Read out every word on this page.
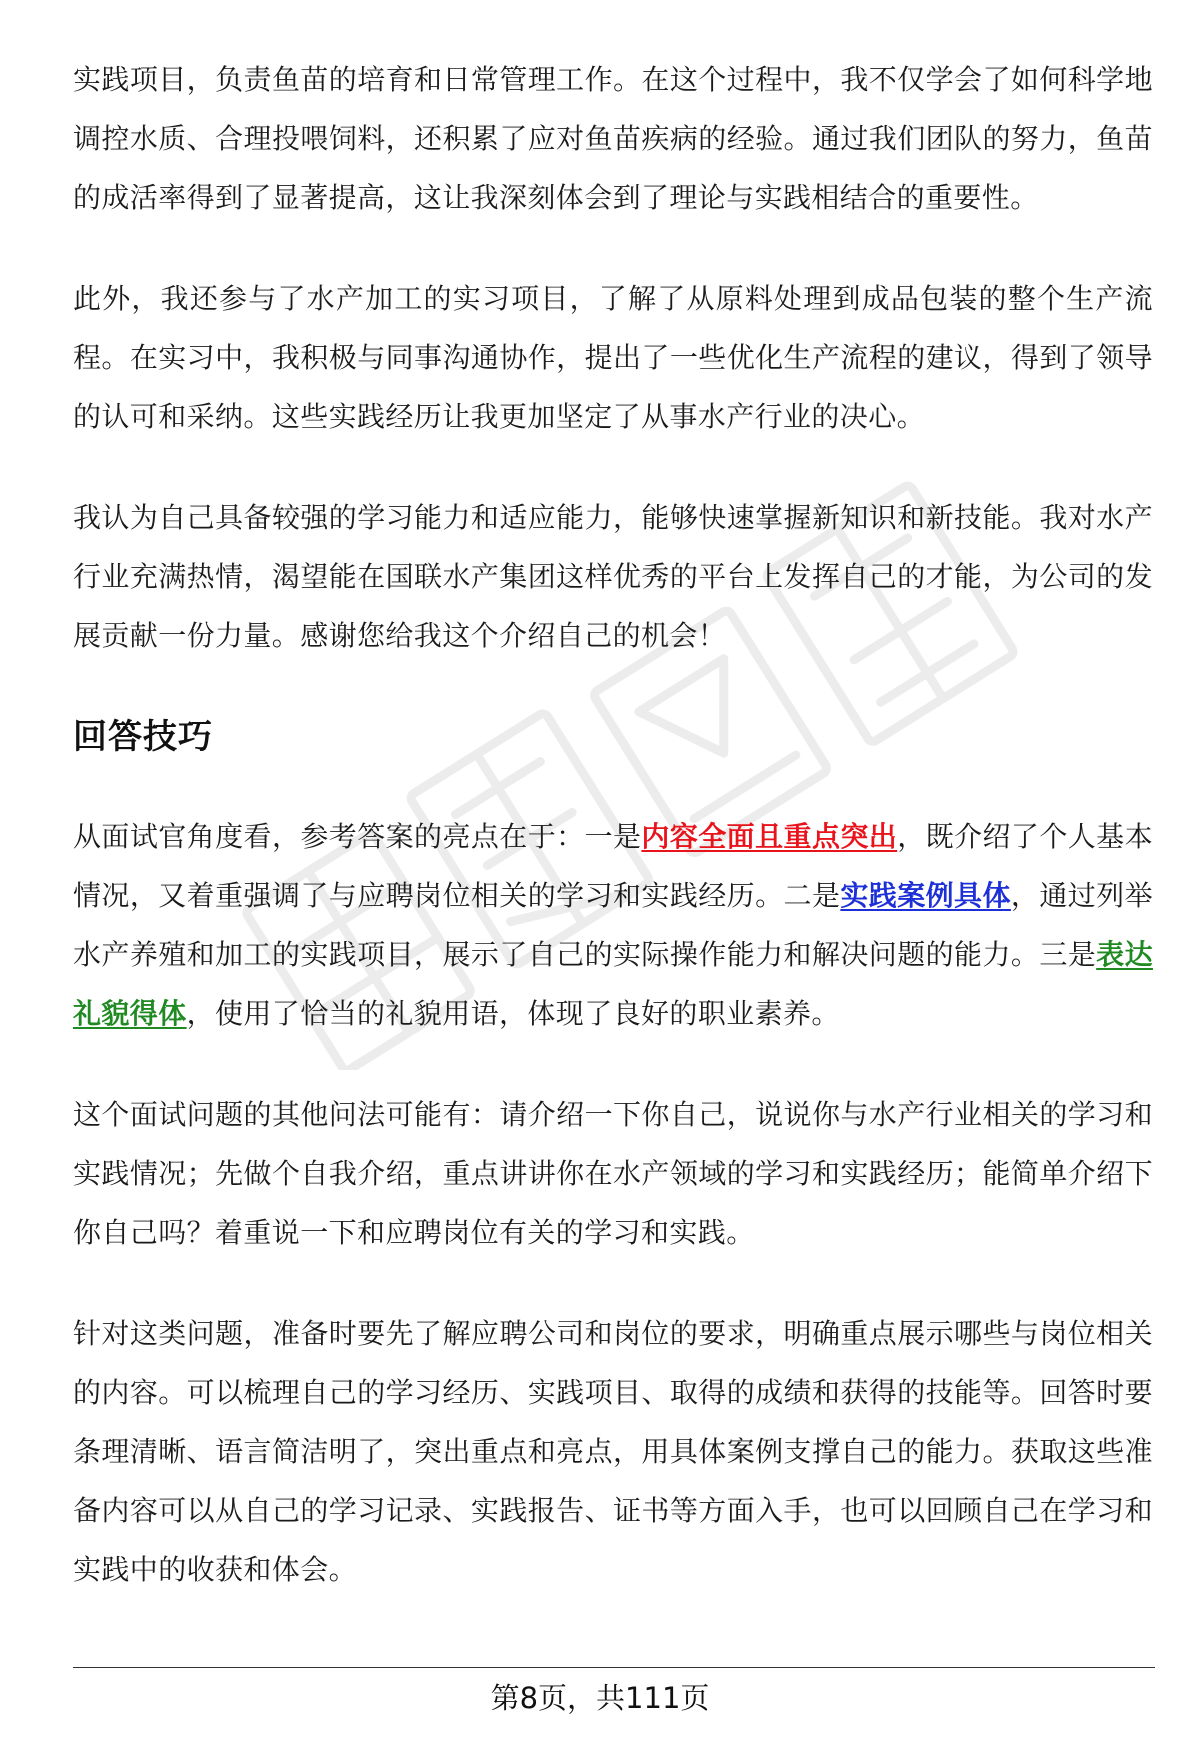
实践项目，负责鱼苗的培育和日常管理工作。在这个过程中，我不仅学会了如何科学地调控水质、合理投喂饲料，还积累了应对鱼苗疾病的经验。通过我们团队的努力，鱼苗的成活率得到了显著提高，这让我深刻体会到了理论与实践相结合的重要性。

此外，我还参与了水产加工的实习项目，了解了从原料处理到成品包装的整个生产流程。在实习中，我积极与同事沟通协作，提出了一些优化生产流程的建议，得到了领导的认可和采纳。这些实践经历让我更加坚定了从事水产行业的决心。

我认为自己具备较强的学习能力和适应能力，能够快速掌握新知识和新技能。我对水产行业充满热情，渴望能在国联水产集团这样优秀的平台上发挥自己的才能，为公司的发展贡献一份力量。感谢您给我这个介绍自己的机会！

回答技巧

从面试官角度看，参考答案的亮点在于：一是内容全面且重点突出，既介绍了个人基本情况，又着重强调了与应聘岗位相关的学习和实践经历。二是实践案例具体，通过列举水产养殖和加工的实践项目，展示了自己的实际操作能力和解决问题的能力。三是表达礼貌得体，使用了恰当的礼貌用语，体现了良好的职业素养。

这个面试问题的其他问法可能有：请介绍一下你自己，说说你与水产行业相关的学习和实践情况；先做个自我介绍，重点讲讲你在水产领域的学习和实践经历；能简单介绍下你自己吗？着重说一下和应聘岗位有关的学习和实践。

针对这类问题，准备时要先了解应聘公司和岗位的要求，明确重点展示哪些与岗位相关的内容。可以梳理自己的学习经历、实践项目、取得的成绩和获得的技能等。回答时要条理清晰、语言简洁明了，突出重点和亮点，用具体案例支撑自己的能力。获取这些准备内容可以从自己的学习记录、实践报告、证书等方面入手，也可以回顾自己在学习和实践中的收获和体会。

第8页，共111页
